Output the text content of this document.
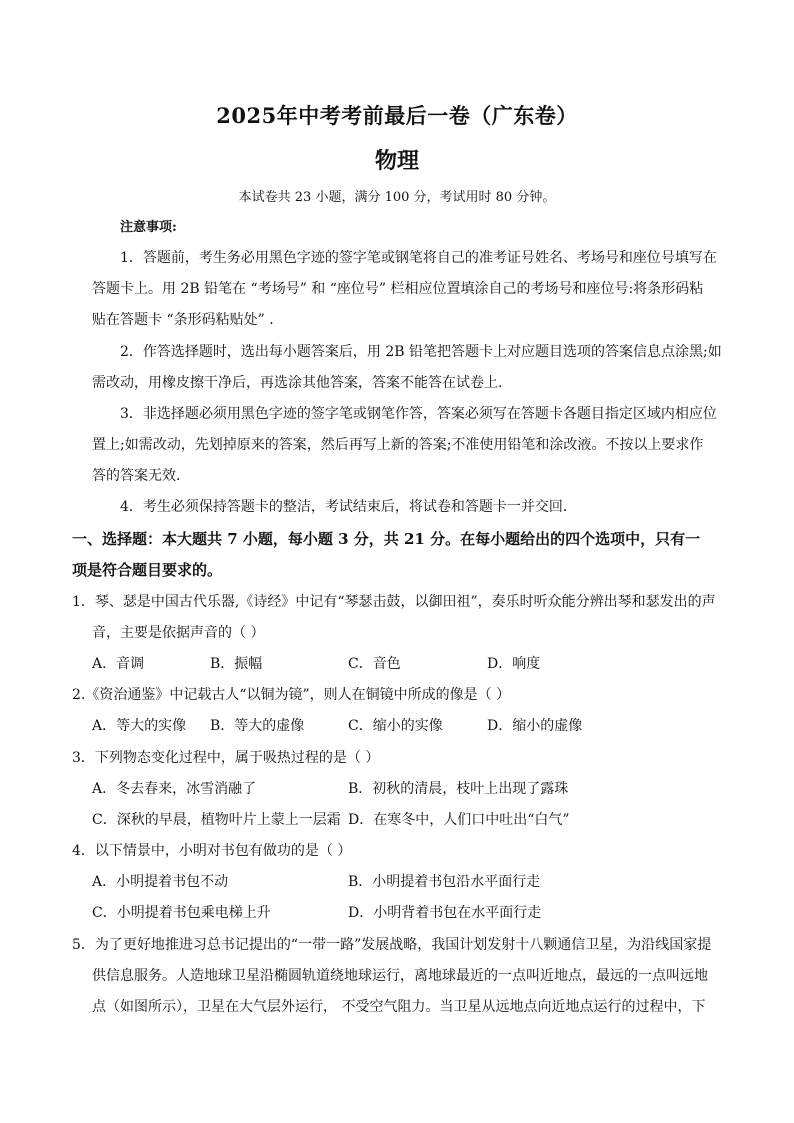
2025年中考考前最后一卷（广东卷）
物理
本试卷共 23 小题，满分 100 分，考试用时 80 分钟。
注意事项:
1．答题前，考生务必用黑色字迹的签字笔或钢笔将自己的准考证号姓名、考场号和座位号填写在
答题卡上。用 2B 铅笔在 “考场号” 和 “座位号” 栏相应位置填涂自己的考场号和座位号:将条形码粘
贴在答题卡 “条形码粘贴处” .
2．作答选择题时，选出每小题答案后，用 2B 铅笔把答题卡上对应题目选项的答案信息点涂黑;如
需改动，用橡皮擦干净后，再选涂其他答案，答案不能答在试卷上.
3．非选择题必须用黑色字迹的签字笔或钢笔作答，答案必须写在答题卡各题目指定区域内相应位
置上;如需改动，先划掉原来的答案，然后再写上新的答案;不准使用铅笔和涂改液。不按以上要求作
答的答案无效．
4．考生必须保持答题卡的整洁，考试结束后，将试卷和答题卡一并交回．
一、选择题：本大题共 7 小题，每小题 3 分，共 21 分。在每小题给出的四个选项中，只有一
项是符合题目要求的。
1．琴、瑟是中国古代乐器,《诗经》中记有“琴瑟击鼓，以御田祖”，奏乐时听众能分辨出琴和瑟发出的声
音，主要是依据声音的（ ）
A．音调	B．振幅	C．音色	D．响度
2.《资治通鉴》中记载古人“以铜为镜”，则人在铜镜中所成的像是（ ）
A．等大的实像 B．等大的虚像	C．缩小的实像	D．缩小的虚像
3．下列物态变化过程中，属于吸热过程的是（ ）
A．冬去春来，冰雪消融了	B．初秋的清晨，枝叶上出现了露珠
C．深秋的早晨，植物叶片上蒙上一层霜 D．在寒冬中，人们口中吐出“白气”
4．以下情景中，小明对书包有做功的是（ ）
A．小明提着书包不动	B．小明提着书包沿水平面行走
C．小明提着书包乘电梯上升	D．小明背着书包在水平面行走
5．为了更好地推进习总书记提出的“一带一路”发展战略，我国计划发射十八颗通信卫星，为沿线国家提
供信息服务。人造地球卫星沿椭圆轨道绕地球运行，离地球最近的一点叫近地点，最远的一点叫远地
点（如图所示），卫星在大气层外运行， 不受空气阻力。当卫星从远地点向近地点运行的过程中，下
